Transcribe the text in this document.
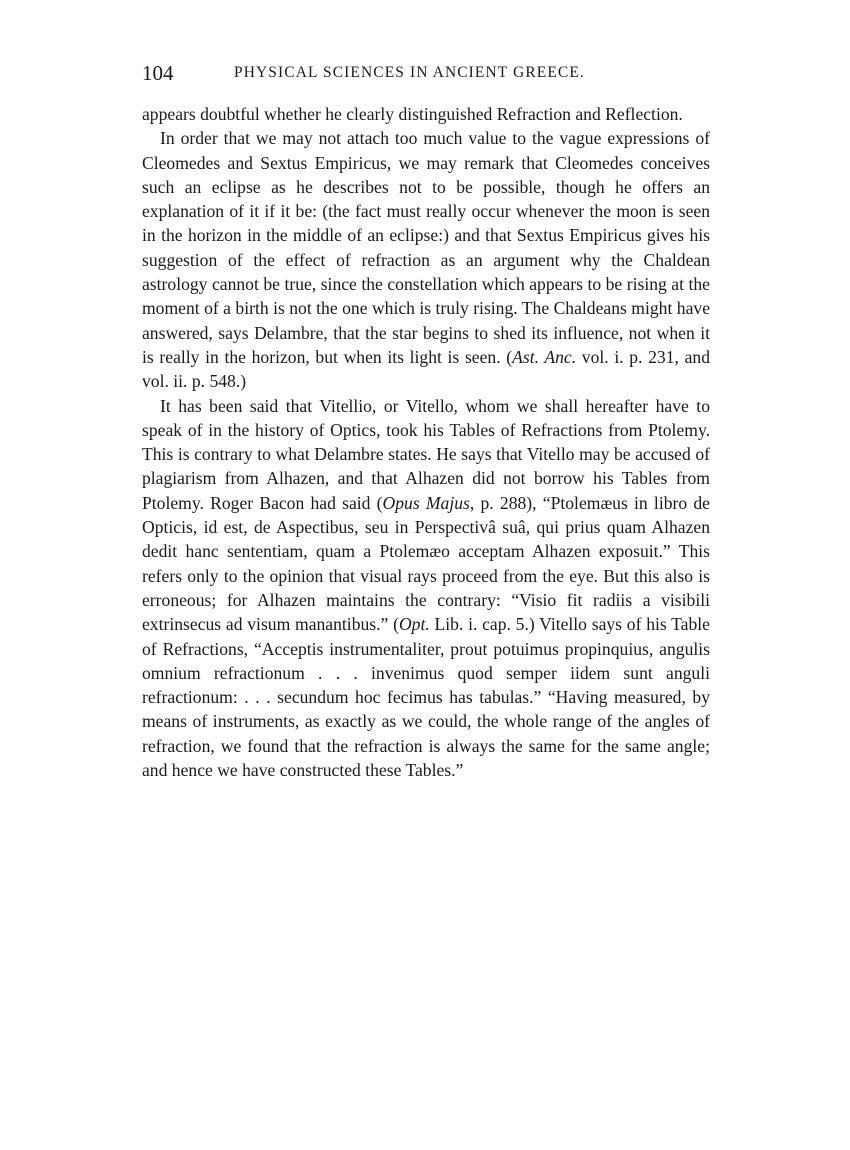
104	PHYSICAL SCIENCES IN ANCIENT GREECE.

appears doubtful whether he clearly distinguished Refraction and Reflection.

In order that we may not attach too much value to the vague expressions of Cleomedes and Sextus Empiricus, we may remark that Cleomedes conceives such an eclipse as he describes not to be possible, though he offers an explanation of it if it be: (the fact must really occur whenever the moon is seen in the horizon in the middle of an eclipse:) and that Sextus Empiricus gives his suggestion of the effect of refraction as an argument why the Chaldean astrology cannot be true, since the constellation which appears to be rising at the moment of a birth is not the one which is truly rising. The Chaldeans might have answered, says Delambre, that the star begins to shed its influence, not when it is really in the horizon, but when its light is seen. (Ast. Anc. vol. i. p. 231, and vol. ii. p. 548.)

It has been said that Vitellio, or Vitello, whom we shall hereafter have to speak of in the history of Optics, took his Tables of Refractions from Ptolemy. This is contrary to what Delambre states. He says that Vitello may be accused of plagiarism from Alhazen, and that Alhazen did not borrow his Tables from Ptolemy. Roger Bacon had said (Opus Majus, p. 288), “Ptolemæus in libro de Opticis, id est, de Aspectibus, seu in Perspectivâ suâ, qui prius quam Alhazen dedit hanc sententiam, quam a Ptolemæo acceptam Alhazen exposuit.” This refers only to the opinion that visual rays proceed from the eye. But this also is erroneous; for Alhazen maintains the contrary: “Visio fit radiis a visibili extrinsecus ad visum manantibus.” (Opt. Lib. i. cap. 5.) Vitello says of his Table of Refractions, “Acceptis instrumentaliter, prout potuimus propinquius, angulis omnium refractionum . . . invenimus quod semper iidem sunt anguli refractionum: . . . secundum hoc fecimus has tabulas.” “Having measured, by means of instruments, as exactly as we could, the whole range of the angles of refraction, we found that the refraction is always the same for the same angle; and hence we have constructed these Tables.”
